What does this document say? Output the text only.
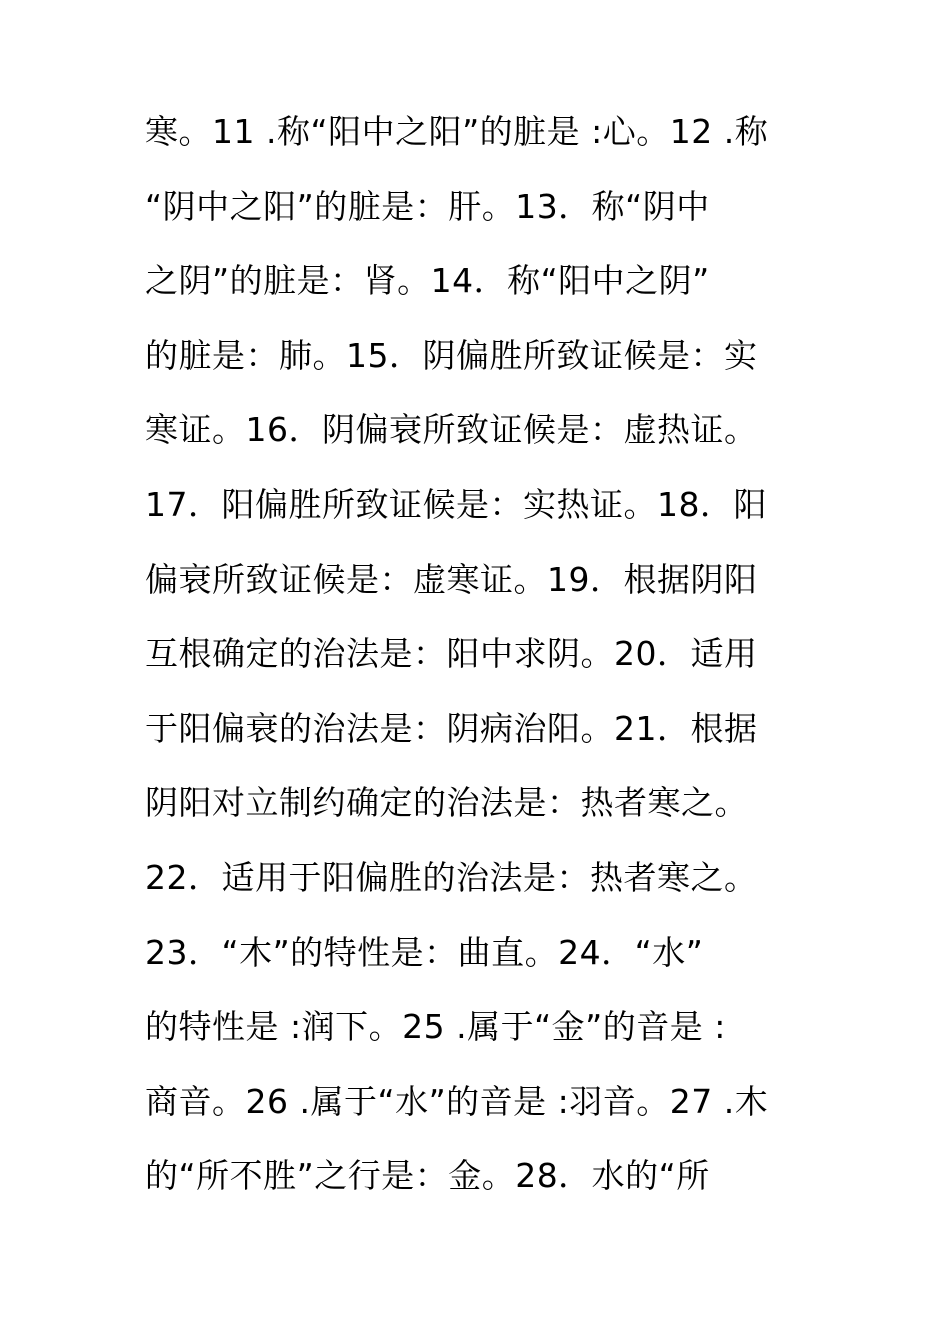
寒。11 .称“阳中之阳”的脏是 :心。12 .称
“阴中之阳”的脏是：肝。13．称“阴中
之阴”的脏是：肾。14．称“阳中之阴”
的脏是：肺。15．阴偏胜所致证候是：实
寒证。16．阴偏衰所致证候是：虚热证。
17．阳偏胜所致证候是：实热证。18．阳
偏衰所致证候是：虚寒证。19．根据阴阳
互根确定的治法是：阳中求阴。20．适用
于阳偏衰的治法是：阴病治阳。21．根据
阴阳对立制约确定的治法是：热者寒之。
22．适用于阳偏胜的治法是：热者寒之。
23．“木”的特性是：曲直。24．“水”
的特性是 :润下。25 .属于“金”的音是 :
商音。26 .属于“水”的音是 :羽音。27 .木
的“所不胜”之行是：金。28．水的“所
